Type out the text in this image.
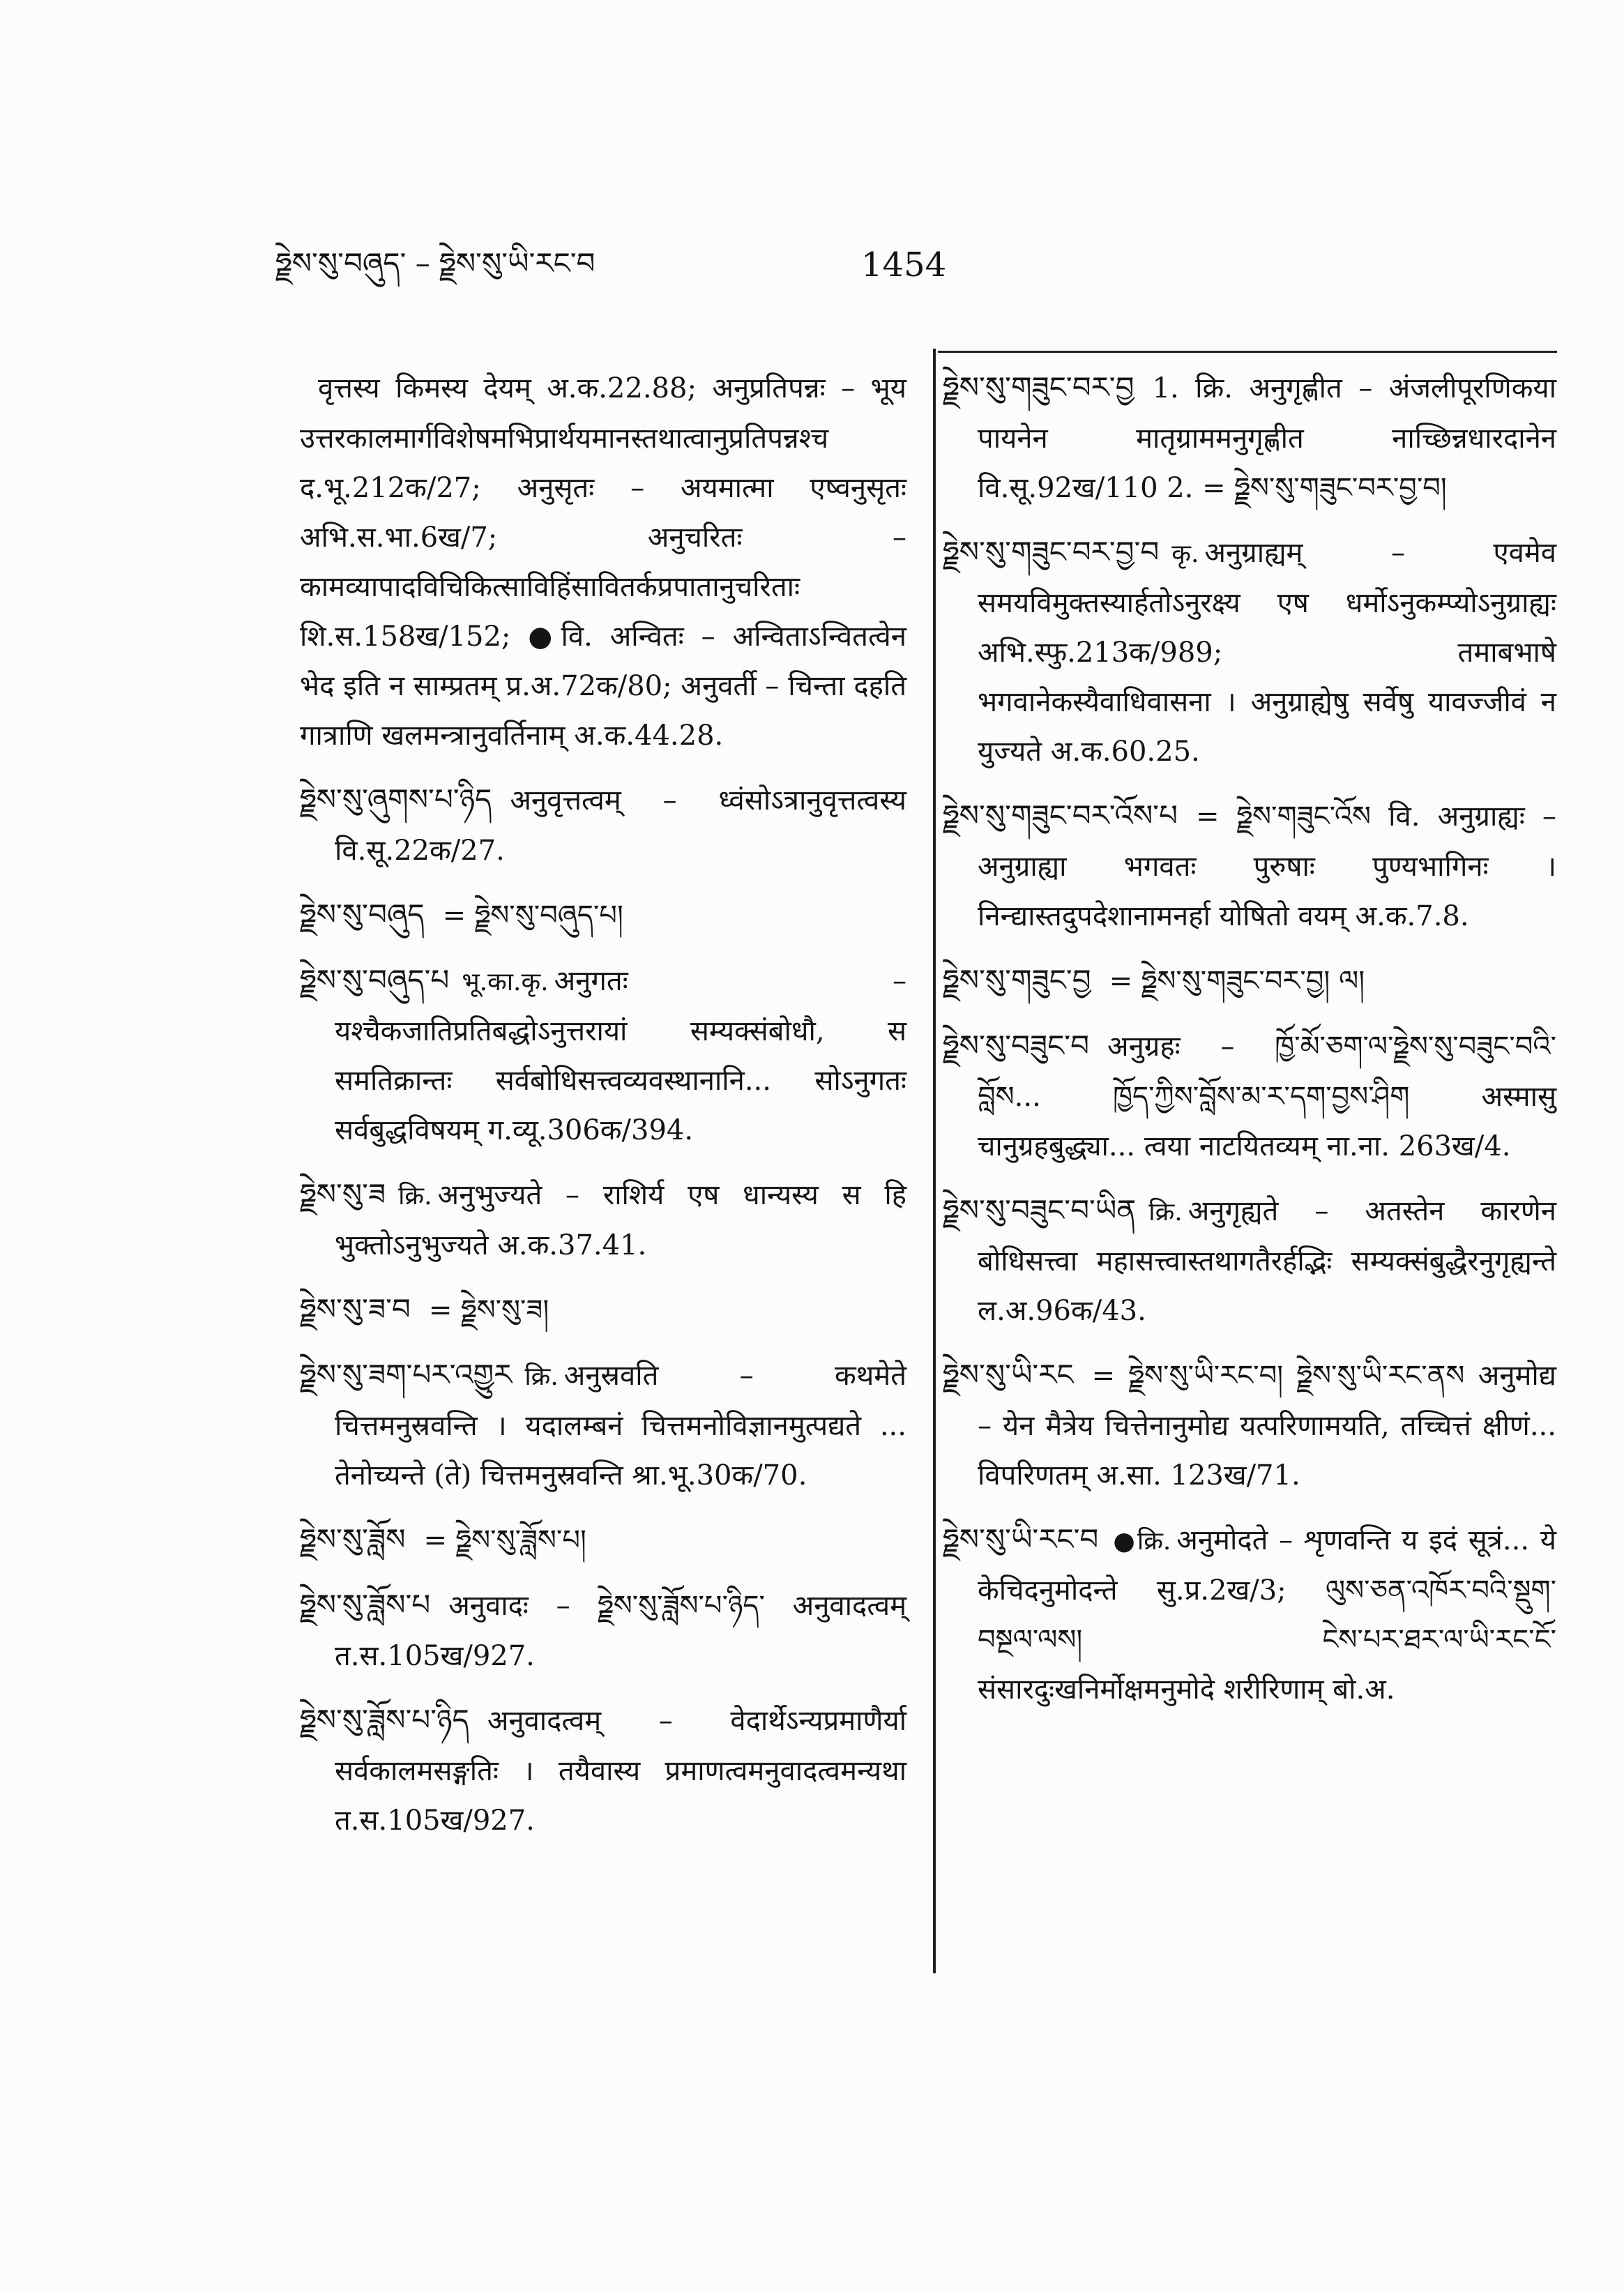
ཧྗེས་སུ་བཞུད་ – ཧྗེས་སུ་ཡི་རང་བ	1454

वृत्तस्य किमस्य देयम् अ.क.22.88; अनुप्रतिपन्नः – भूय उत्तरकालमार्गविशेषमभिप्रार्थयमानस्तथात्वानुप्रतिपन्नश्च द.भू.212क/27; अनुसृतः – अयमात्मा एष्वनुसृतः अभि.स.भा.6ख/7; अनुचरितः – कामव्यापादविचिकित्साविहिंसावितर्कप्रपातानुचरिताः शि.स.158ख/152; ●वि. अन्वितः – अन्विताऽन्वितत्वेन भेद इति न साम्प्रतम् प्र.अ.72क/80; अनुवर्ती – चिन्ता दहति गात्राणि खलमन्त्रानुवर्तिनाम् अ.क.44.28.

ཧྗེས་སུ་ཞུགས་པ་ཉིད अनुवृत्तत्वम् – ध्वंसोऽत्रानुवृत्तत्वस्य वि.सू.22क/27.

ཧྗེས་སུ་བཞུད = ཧྗེས་སུ་བཞུད་པ།

ཧྗེས་སུ་བཞུད་པ भू.का.कृ. अनुगतः – यश्चैकजातिप्रतिबद्धोऽनुत्तरायां सम्यक्संबोधौ, स समतिक्रान्तः सर्वबोधिसत्त्वव्यवस्थानानि... सोऽनुगतः सर्वबुद्धविषयम् ग.व्यू.306क/394.

ཧྗེས་སུ་ཟ क्रि. अनुभुज्यते – राशिर्य एष धान्यस्य स हि भुक्तोऽनुभुज्यते अ.क.37.41.

ཧྗེས་སུ་ཟ་བ = ཧྗེས་སུ་ཟ།

ཧྗེས་སུ་ཟག་པར་འགྱུར क्रि. अनुस्रवति – कथमेते चित्तमनुस्रवन्ति । यदालम्बनं चित्तमनोविज्ञानमुत्पद्यते ... तेनोच्यन्ते (ते) चित्तमनुस्रवन्ति श्रा.भू.30क/70.

ཧྗེས་སུ་ཟློས = ཧྗེས་སུ་ཟློས་པ།

ཧྗེས་སུ་ཟློས་པ अनुवादः – ཧྗེས་སུ་ཟློས་པ་ཉིད་ अनुवादत्वम् त.स.105ख/927.

ཧྗེས་སུ་ཟློས་པ་ཉིད अनुवादत्वम् – वेदार्थेऽन्यप्रमाणैर्या सर्वकालमसङ्गतिः । तयैवास्य प्रमाणत्वमनुवादत्वमन्यथा त.स.105ख/927.

ཧྗེས་སུ་གཟུང་བར་བྱ 1. क्रि. अनुगृह्णीत – अंजलीपूरणिकया पायनेन मातृग्राममनुगृह्णीत नाच्छिन्नधारदानेन वि.सू.92ख/110 2. = ཧྗེས་སུ་གཟུང་བར་བྱ་བ།

ཧྗེས་སུ་གཟུང་བར་བྱ་བ कृ. अनुग्राह्यम् – एवमेव समयविमुक्तस्यार्हतोऽनुरक्ष्य एष धर्मोऽनुकम्प्योऽनुग्राह्यः अभि.स्फु.213क/989; तमाबभाषे भगवानेकस्यैवाधिवासना । अनुग्राह्येषु सर्वेषु यावज्जीवं न युज्यते अ.क.60.25.

ཧྗེས་སུ་གཟུང་བར་འོས་པ = ཧྗེས་གཟུང་འོས वि. अनुग्राह्यः – अनुग्राह्या भगवतः पुरुषाः पुण्यभागिनः । निन्द्यास्तदुपदेशानामनर्हा योषितो वयम् अ.क.7.8.

ཧྗེས་སུ་གཟུང་བྱ = ཧྗེས་སུ་གཟུང་བར་བྱ། ལ།

ཧྗེས་སུ་བཟུང་བ अनुग्रहः – ཁྱོ་མོ་ཅག་ལ་ཧྗེས་སུ་བཟུང་བའི་བློས... ཁྱོད་ཀྱིས་བློས་མ་ར་དག་བྱས་ཤིག अस्मासु चानुग्रहबुद्ध्या... त्वया नाटयितव्यम् ना.ना. 263ख/4.

ཧྗེས་སུ་བཟུང་བ་ཡིན क्रि. अनुगृह्यते – अतस्तेन कारणेन बोधिसत्त्वा महासत्त्वास्तथागतैरर्हद्भिः सम्यक्संबुद्धैरनुगृह्यन्ते ल.अ.96क/43.

ཧྗེས་སུ་ཡི་རང = ཧྗེས་སུ་ཡི་རང་བ། ཧྗེས་སུ་ཡི་རང་ནས अनुमोद्य – येन मैत्रेय चित्तेनानुमोद्य यत्परिणामयति, तच्चित्तं क्षीणं... विपरिणतम् अ.सा. 123ख/71.

ཧྗེས་སུ་ཡི་རང་བ ●क्रि. अनुमोदते – शृणवन्ति य इदं सूत्रं... ये केचिदनुमोदन्ते सु.प्र.2ख/3; ལུས་ཅན་འཁོར་བའི་སྡུག་བསྔལ་ལས། ངེས་པར་ཐར་ལ་ཡི་རང་ངོ་ संसारदुःखनिर्मोक्षमनुमोदे शरीरिणाम् बो.अ.
